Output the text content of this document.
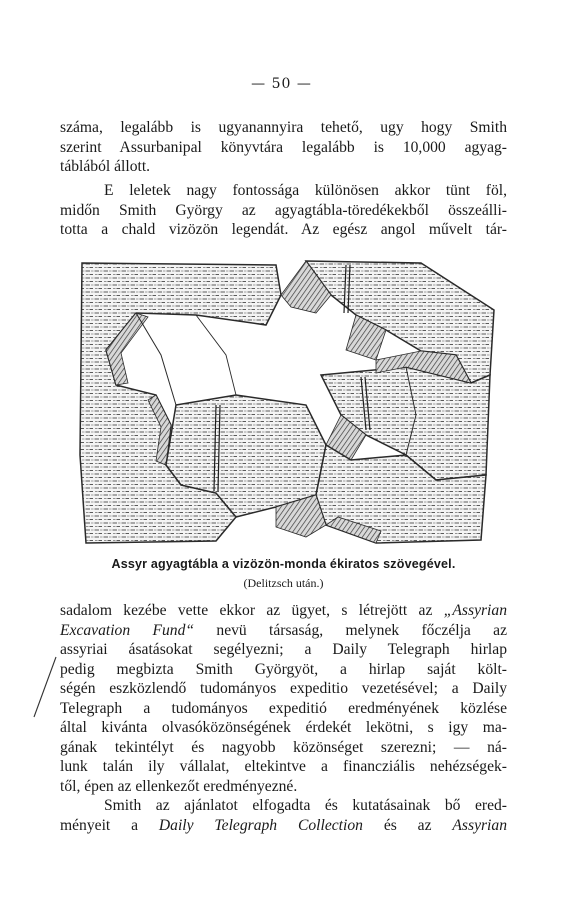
— 50 —

száma, legalább is ugyanannyira tehető, ugy hogy Smith
szerint Assurbanipal könyvtára legalább is 10,000 agyag-
táblából állott.

E leletek nagy fontossága különösen akkor tünt föl,
midőn Smith György az agyagtábla-töredékekből összeálli-
totta a chald vizözön legendát. Az egész angol művelt tár-

Assyr agyagtábla a vizözön-monda ékiratos szövegével.

(Delitzsch után.)

sadalom kezébe vette ekkor az ügyet, s létrejött az „Assyrian
Excavation Fund“ nevü társaság, melynek főczélja az
assyriai ásatásokat segélyezni; a Daily Telegraph hirlap
pedig megbizta Smith Györgyöt, a hirlap saját költ-
ségén eszközlendő tudományos expeditio vezetésével; a Daily
Telegraph a tudományos expeditió eredményének közlése
által kivánta olvasóközönségének érdekét lekötni, s igy ma-
gának tekintélyt és nagyobb közönséget szerezni; — ná-
lunk talán ily vállalat, eltekintve a financziális nehézségek-
től, épen az ellenkezőt eredményezné.

Smith az ajánlatot elfogadta és kutatásainak bő ered-
ményeit a Daily Telegraph Collection és az Assyrian
